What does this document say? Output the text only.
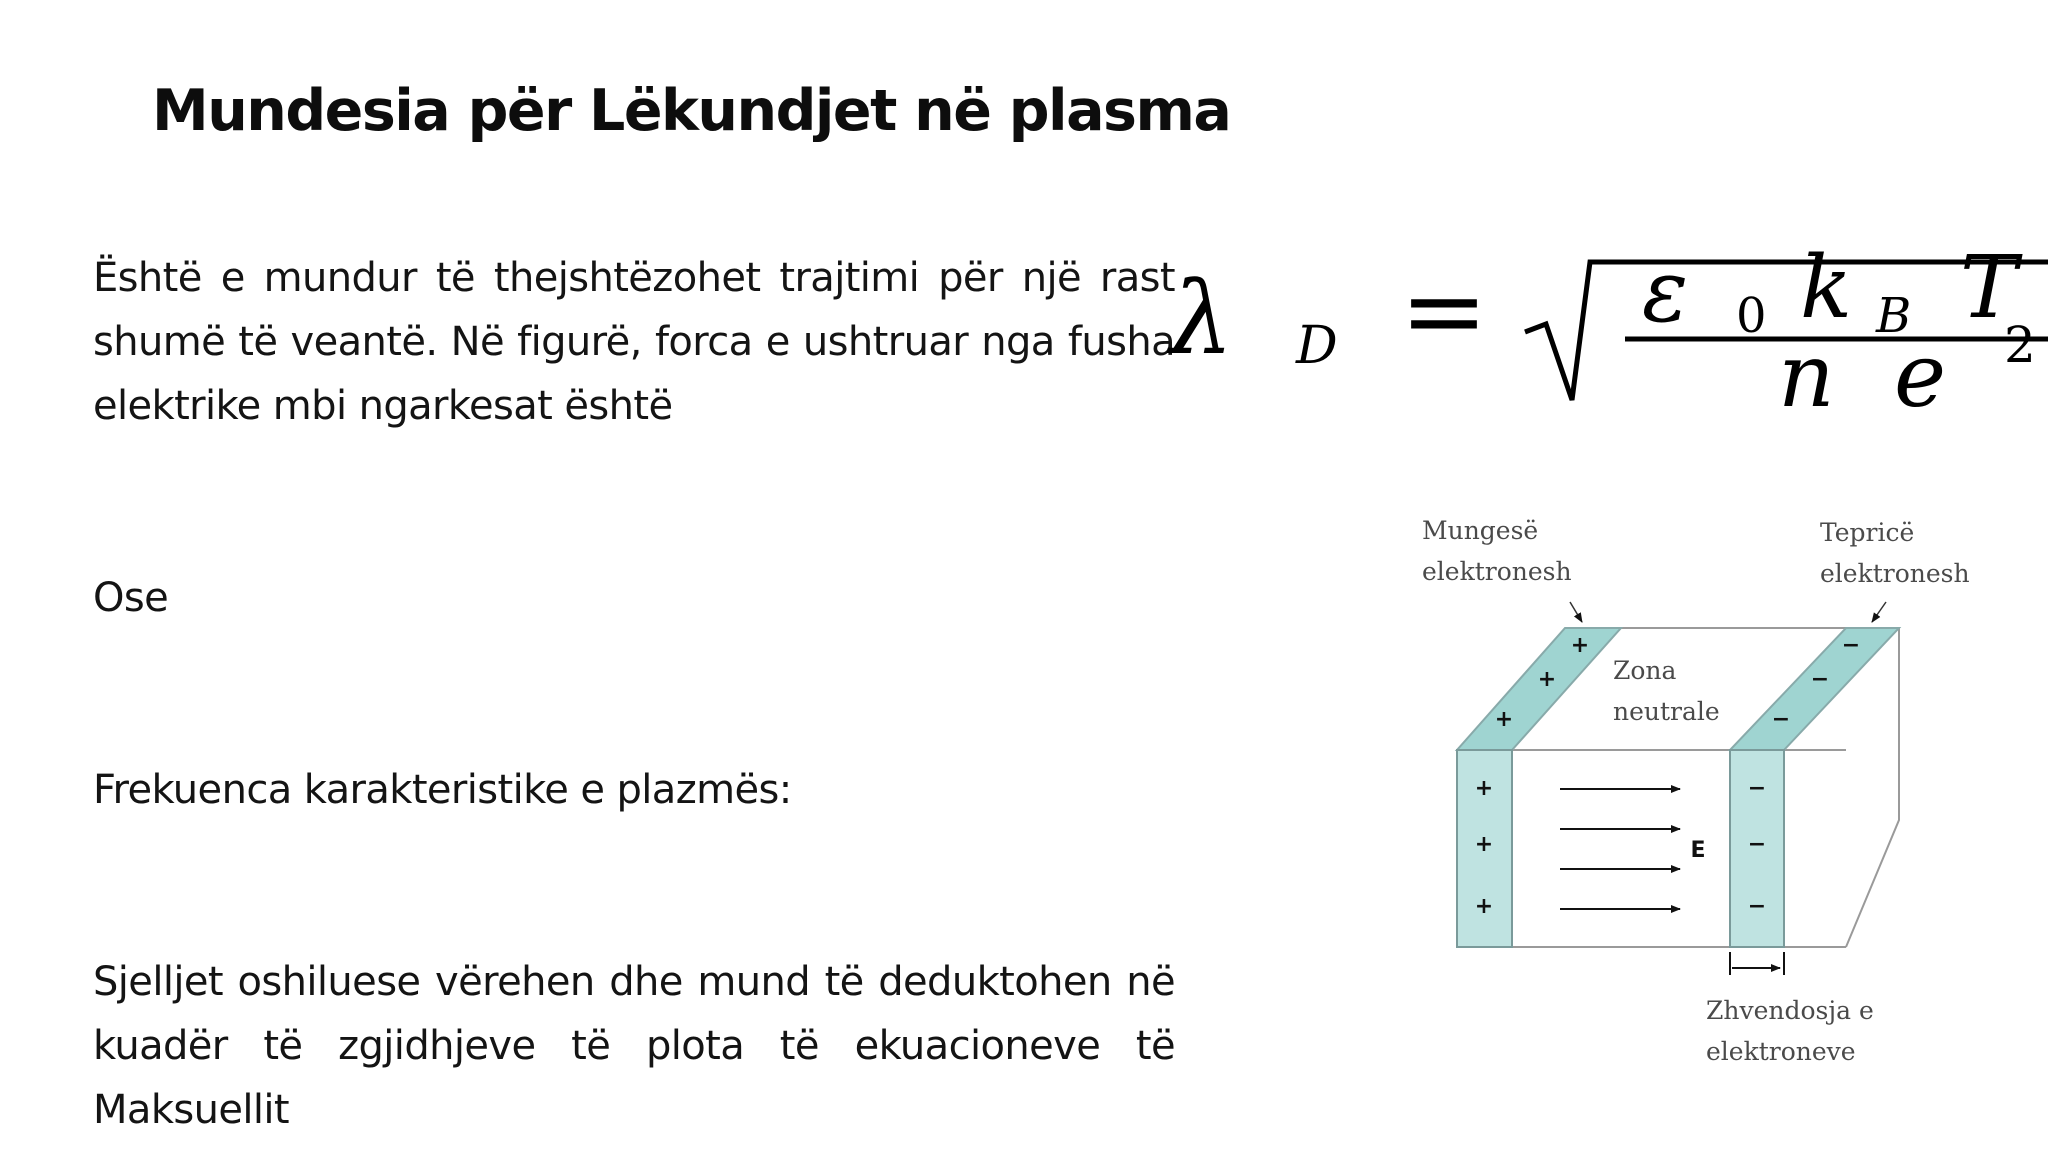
Mundesia për Lëkundjet në plasma

Është e mundur të thejshtëzohet trajtimi për një rast shumë të veantë. Në figurë, forca e ushtruar nga fusha elektrike mbi ngarkesat është

Ose

Frekuenca karakteristike e plazmës:

Sjelljet oshiluese vërehen dhe mund të deduktohen në kuadër të zgjidhjeve të plota të ekuacioneve të Maksuellit

λ D = ε 0 k B T
n e 2
+
+
+
+
+
+
−
−
−
−
−
−
E

Mungesë
elektronesh

Tepricë
elektronesh

Zona
neutrale

Zhvendosja e
elektroneve
